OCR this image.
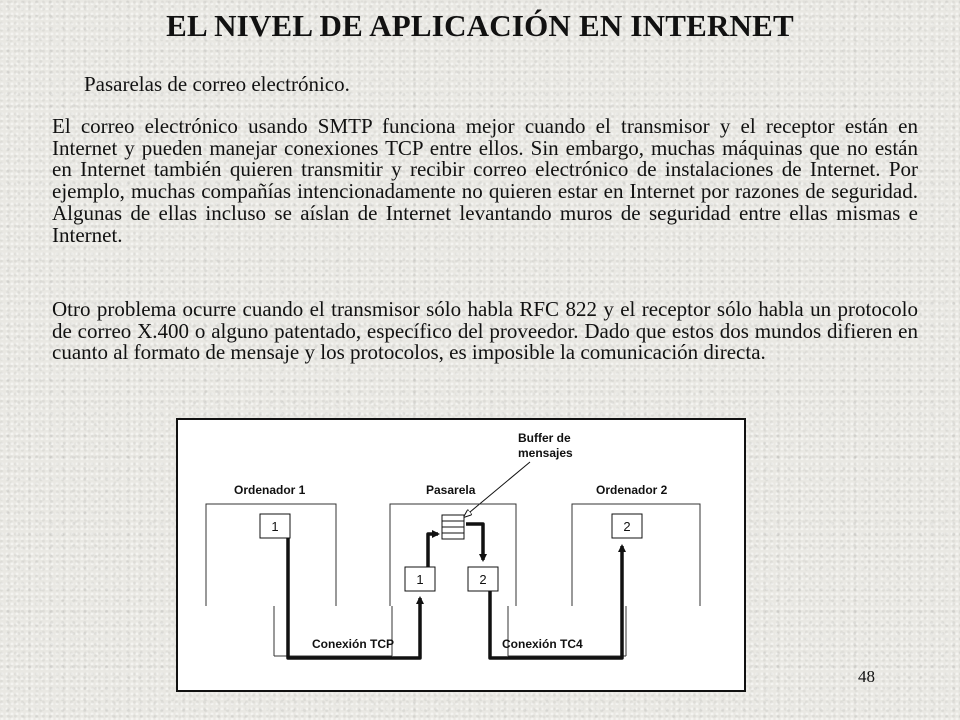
EL NIVEL DE APLICACIÓN EN INTERNET
Pasarelas de correo electrónico.
El correo electrónico usando SMTP funciona mejor cuando el transmisor y el receptor están en Internet y pueden manejar conexiones TCP entre ellos. Sin embargo, muchas máquinas que no están en Internet también quieren transmitir y recibir correo electrónico de instalaciones de Internet. Por ejemplo, muchas compañías intencionadamente no quieren estar en Internet por razones de seguridad. Algunas de ellas incluso se aíslan de Internet levantando muros de seguridad entre ellas mismas e Internet.
Otro problema ocurre cuando el transmisor sólo habla RFC 822 y el receptor sólo habla un protocolo de correo X.400 o alguno patentado, específico del proveedor. Dado que estos dos mundos difieren en cuanto al formato de mensaje y los protocolos, es imposible la comunicación directa.
Buffer de
mensajes
Ordenador 1	Pasarela	Ordenador 2
1
1	2
2
Conexión TCP	Conexión TC4
48
